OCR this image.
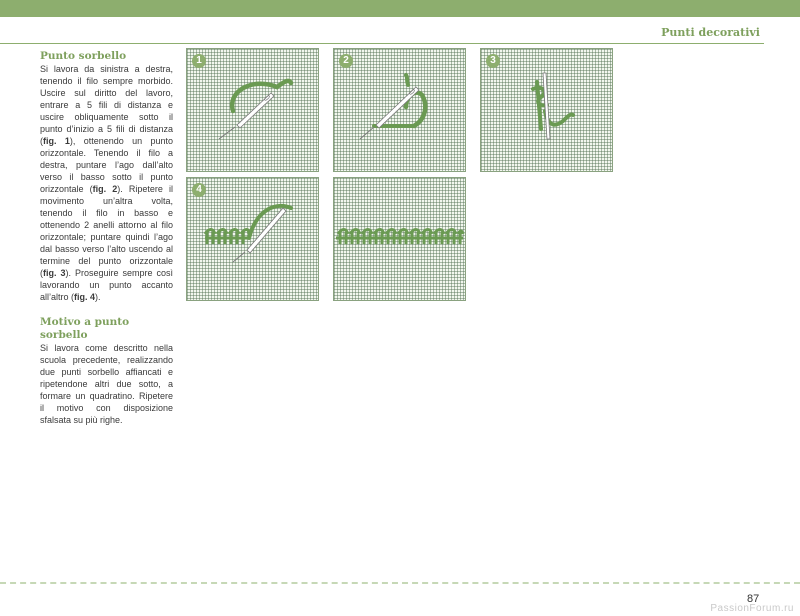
Punti decorativi
Punto sorbello

Si lavora da sinistra a destra, tenendo il filo sempre morbido. Uscire sul diritto del lavoro, entrare a 5 fili di distanza e uscire obliquamente sotto il punto d’inizio a 5 fili di distanza (fig. 1), ottenendo un punto orizzontale. Tenendo il filo a destra, puntare l’ago dall’alto verso il basso sotto il punto orizzontale (fig. 2). Ripetere il movimento un’altra volta, tenendo il filo in basso e ottenendo 2 anelli attorno al filo orizzontale; puntare quindi l’ago dal basso verso l’alto uscendo al termine del punto orizzontale (fig. 3). Proseguire sempre così lavorando un punto accanto all’altro (fig. 4).

Motivo a punto sorbello

Si lavora come descritto nella scuola precedente, realizzando due punti sorbello affiancati e ripetendone altri due sotto, a formare un quadratino. Ripetere il motivo con disposizione sfalsata su più righe.

1	2	3
4
87
PassionForum.ru
